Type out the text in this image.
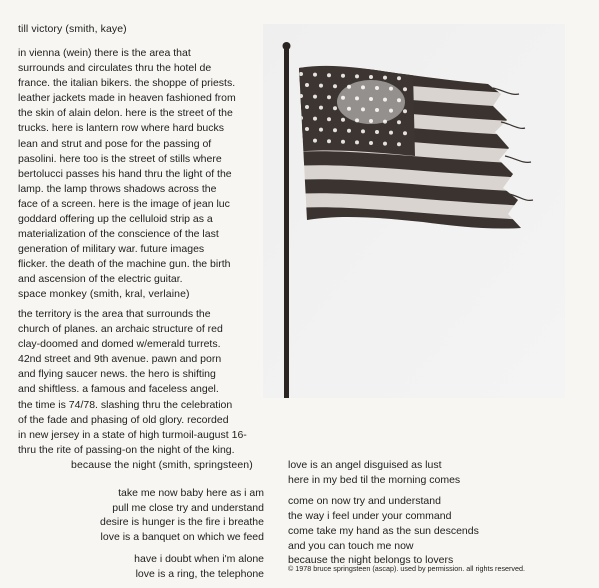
till victory (smith, kaye)
in vienna (wein) there is the area that
surrounds and circulates thru the hotel de
france. the italian bikers. the shoppe of priests.
leather jackets made in heaven fashioned from
the skin of alain delon. here is the street of the
trucks. here is lantern row where hard bucks
lean and strut and pose for the passing of
pasolini. here too is the street of stills where
bertolucci passes his hand thru the light of the
lamp. the lamp throws shadows across the
face of a screen. here is the image of jean luc
goddard offering up the celluloid strip as a
materialization of the conscience of the last
generation of military war. future images
flicker. the death of the machine gun. the birth
and ascension of the electric guitar.
space monkey (smith, kral, verlaine)
the territory is the area that surrounds the
church of planes. an archaic structure of red
clay-doomed and domed w/emerald turrets.
42nd street and 9th avenue. pawn and porn
and flying saucer news. the hero is shifting
and shiftless. a famous and faceless angel.
the time is 74/78. slashing thru the celebration
of the fade and phasing of old glory. recorded
in new jersey in a state of high turmoil-august 16-
thru the rite of passing-on the night of the king.
because the night (smith, springsteen)
take me now baby here as i am
pull me close try and understand
desire is hunger is the fire i breathe
love is a banquet on which we feed
have i doubt when i'm alone
love is a ring, the telephone
love is an angel disguised as lust
here in my bed til the morning comes
come on now try and understand
the way i feel under your command
come take my hand as the sun descends
and you can touch me now
because the night belongs to lovers
© 1978 bruce springsteen (ascap). used by permission. all rights reserved.
